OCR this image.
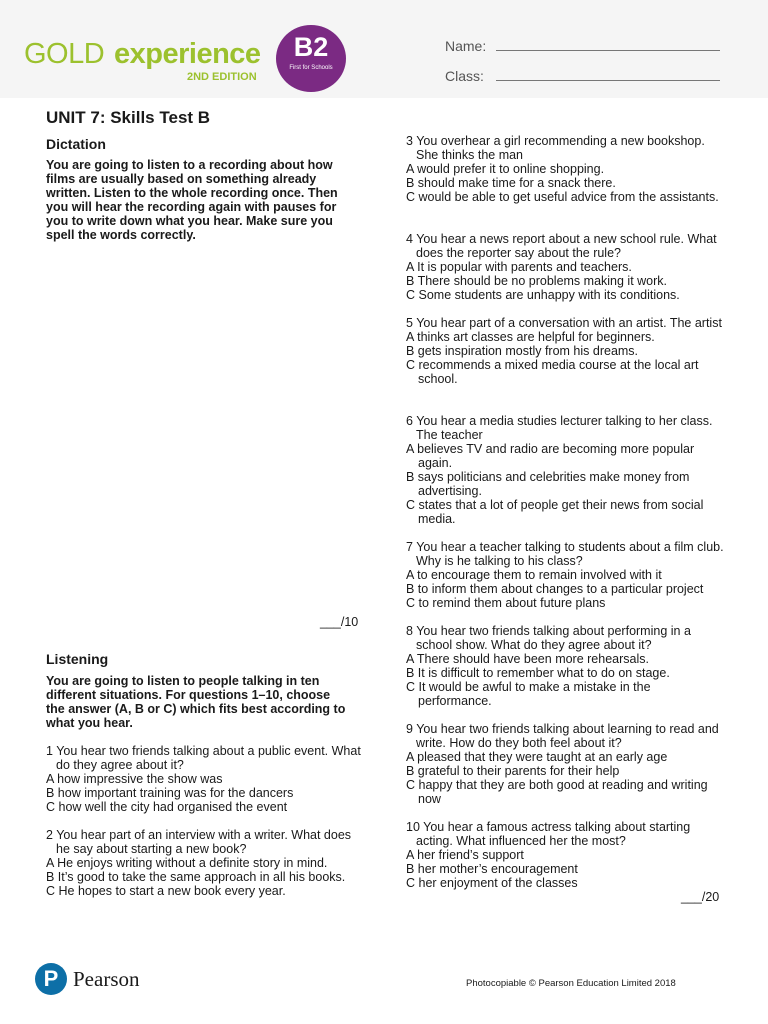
GOLD experience
2ND EDITION
B2
First for Schools
Name:
Class:
UNIT 7: Skills Test B
Dictation

You are going to listen to a recording about how films are usually based on something already written. Listen to the whole recording once. Then you will hear the recording again with pauses for you to write down what you hear. Make sure you spell the words correctly.

___/10
Listening

You are going to listen to people talking in ten different situations. For questions 1–10, choose the answer (A, B or C) which fits best according to what you hear.

1 You hear two friends talking about a public event. What do they agree about it?
A how impressive the show was
B how important training was for the dancers
C how well the city had organised the event
2 You hear part of an interview with a writer. What does he say about starting a new book?
A He enjoys writing without a definite story in mind.
B It’s good to take the same approach in all his books.
C He hopes to start a new book every year.
3 You overhear a girl recommending a new bookshop. She thinks the man
A would prefer it to online shopping.
B should make time for a snack there.
C would be able to get useful advice from the assistants.
4 You hear a news report about a new school rule. What does the reporter say about the rule?
A It is popular with parents and teachers.
B There should be no problems making it work.
C Some students are unhappy with its conditions.
5 You hear part of a conversation with an artist. The artist
A thinks art classes are helpful for beginners.
B gets inspiration mostly from his dreams.
C recommends a mixed media course at the local art school.
6 You hear a media studies lecturer talking to her class. The teacher
A believes TV and radio are becoming more popular again.
B says politicians and celebrities make money from advertising.
C states that a lot of people get their news from social media.
7 You hear a teacher talking to students about a film club. Why is he talking to his class?
A to encourage them to remain involved with it
B to inform them about changes to a particular project
C to remind them about future plans
8 You hear two friends talking about performing in a school show. What do they agree about it?
A There should have been more rehearsals.
B It is difficult to remember what to do on stage.
C It would be awful to make a mistake in the performance.
9 You hear two friends talking about learning to read and write. How do they both feel about it?
A pleased that they were taught at an early age
B grateful to their parents for their help
C happy that they are both good at reading and writing now
10 You hear a famous actress talking about starting acting. What influenced her the most?
A her friend’s support
B her mother’s encouragement
C her enjoyment of the classes
___/20
P Pearson	Photocopiable © Pearson Education Limited 2018
